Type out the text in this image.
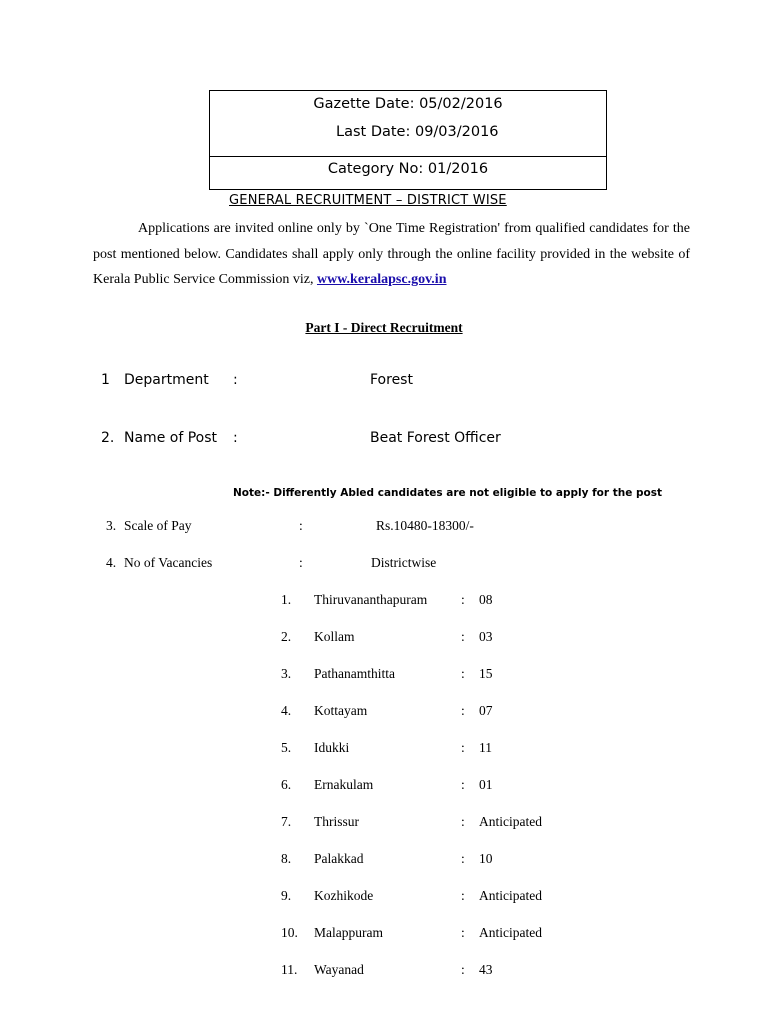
Gazette Date: 05/02/2016
Last Date: 09/03/2016
Category No: 01/2016
GENERAL RECRUITMENT – DISTRICT WISE

Applications are invited online only by `One Time Registration' from qualified candidates for the post mentioned below. Candidates shall apply only through the online facility provided in the website of Kerala Public Service Commission viz, www.keralapsc.gov.in

Part I - Direct Recruitment
1 Department :	Forest
2. Name of Post :	Beat Forest Officer
Note:- Differently Abled candidates are not eligible to apply for the post
3. Scale of Pay	:	Rs.10480-18300/-
4. No of Vacancies	:	Districtwise
1. Thiruvananthapuram	: 08
2. Kollam	: 03
3. Pathanamthitta	: 15
4. Kottayam	: 07
5. Idukki	: 11
6. Ernakulam	: 01
7. Thrissur	: Anticipated
8. Palakkad	: 10
9. Kozhikode	: Anticipated
10. Malappuram	: Anticipated
11. Wayanad	: 43
